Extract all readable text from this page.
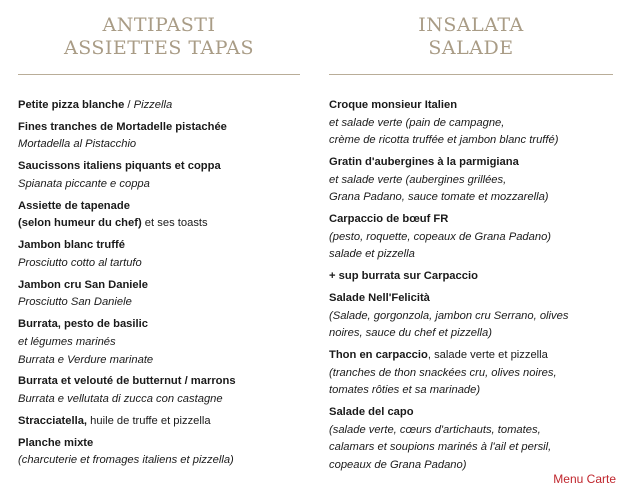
ANTIPASTI
ASSIETTES TAPAS
Petite pizza blanche / Pizzella
Fines tranches de Mortadelle pistachée
Mortadella al Pistacchio
Saucissons italiens piquants et coppa
Spianata piccante e coppa
Assiette de tapenade
(selon humeur du chef) et ses toasts
Jambon blanc truffé
Prosciutto cotto al tartufo
Jambon cru San Daniele
Prosciutto San Daniele
Burrata, pesto de basilic
et légumes marinés
Burrata e Verdure marinate
Burrata et velouté de butternut / marrons
Burrata e vellutata di zucca con castagne
Stracciatella, huile de truffe et pizzella
Planche mixte
(charcuterie et fromages italiens et pizzella)
INSALATA
SALADE
Croque monsieur Italien
et salade verte (pain de campagne,
crème de ricotta truffée et jambon blanc truffé)
Gratin d'aubergines à la parmigiana
et salade verte (aubergines grillées,
Grana Padano, sauce tomate et mozzarella)
Carpaccio de bœuf FR
(pesto, roquette, copeaux de Grana Padano)
salade et pizzella
+ sup burrata sur Carpaccio
Salade Nell'Felicità
(Salade, gorgonzola, jambon cru Serrano, olives
noires, sauce du chef et pizzella)
Thon en carpaccio, salade verte et pizzella
(tranches de thon snackées cru, olives noires,
tomates rôties et sa marinade)
Salade del capo
(salade verte, cœurs d'artichauts, tomates,
calamars et soupions marinés à l'ail et persil,
copeaux de Grana Padano)
Menu Carte
